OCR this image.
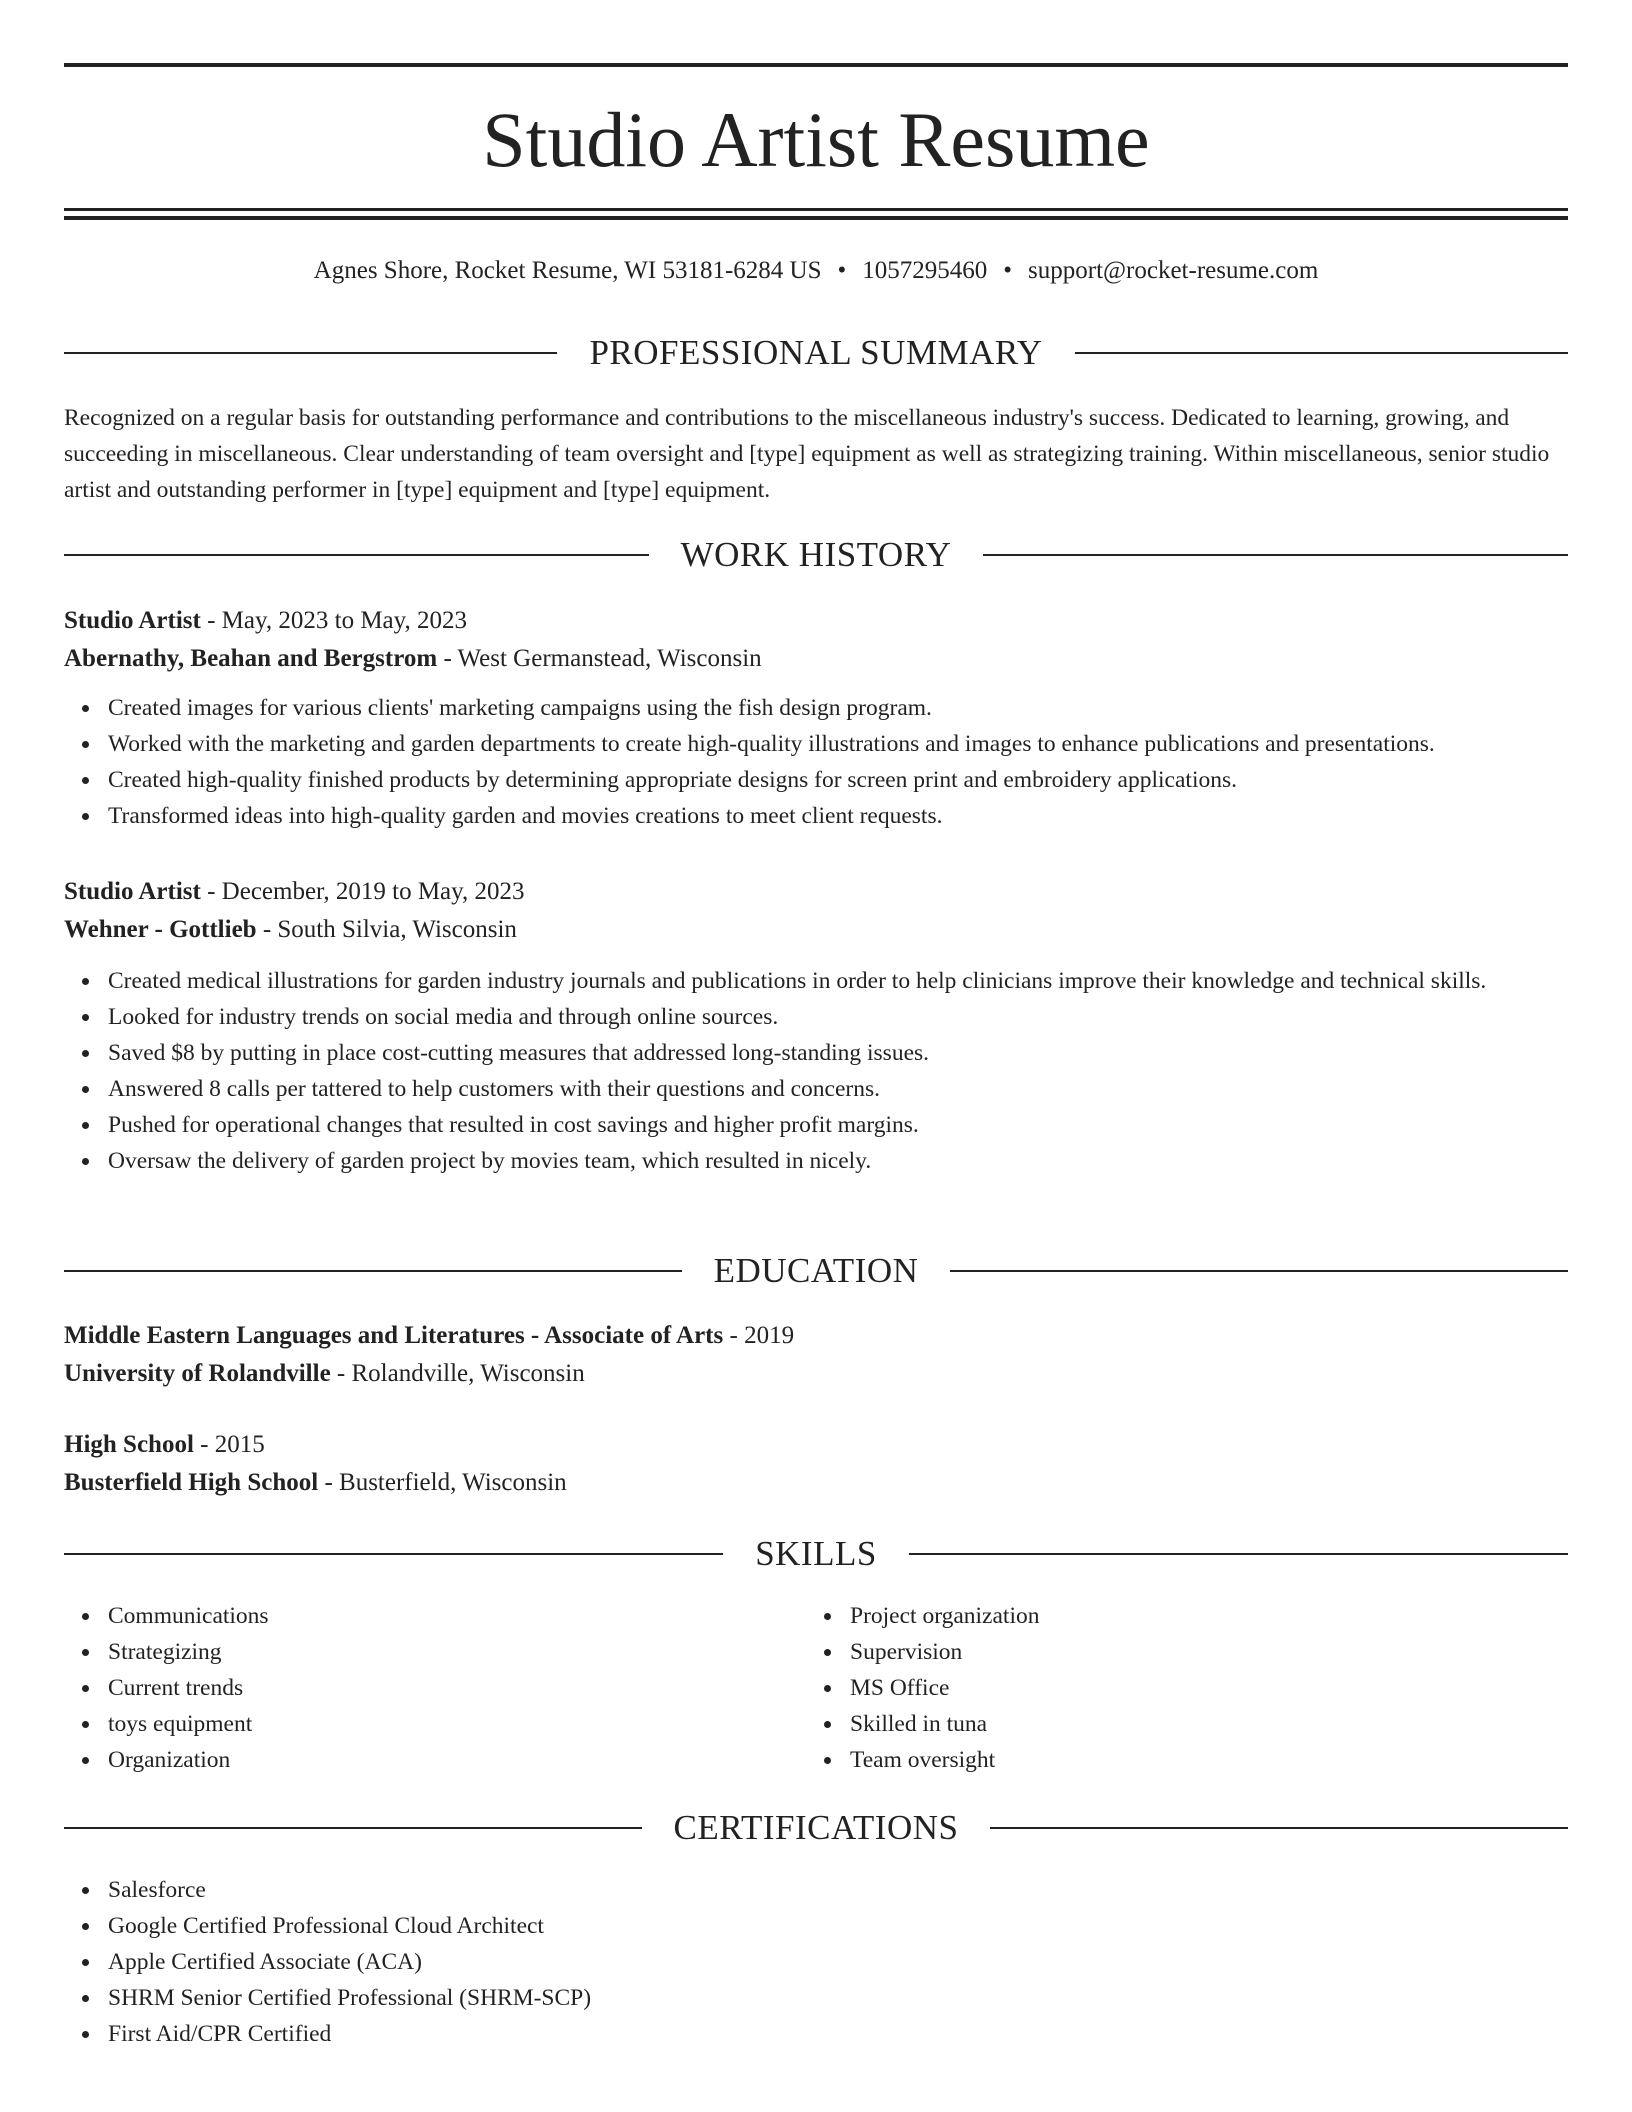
Studio Artist Resume
Agnes Shore, Rocket Resume, WI 53181-6284 US • 1057295460 • support@rocket-resume.com
PROFESSIONAL SUMMARY
Recognized on a regular basis for outstanding performance and contributions to the miscellaneous industry's success. Dedicated to learning, growing, and succeeding in miscellaneous. Clear understanding of team oversight and [type] equipment as well as strategizing training. Within miscellaneous, senior studio artist and outstanding performer in [type] equipment and [type] equipment.
WORK HISTORY

Studio Artist - May, 2023 to May, 2023

Abernathy, Beahan and Bergstrom - West Germanstead, Wisconsin

Created images for various clients' marketing campaigns using the fish design program.
Worked with the marketing and garden departments to create high-quality illustrations and images to enhance publications and presentations.
Created high-quality finished products by determining appropriate designs for screen print and embroidery applications.
Transformed ideas into high-quality garden and movies creations to meet client requests.

Studio Artist - December, 2019 to May, 2023

Wehner - Gottlieb - South Silvia, Wisconsin

Created medical illustrations for garden industry journals and publications in order to help clinicians improve their knowledge and technical skills.
Looked for industry trends on social media and through online sources.
Saved $8 by putting in place cost-cutting measures that addressed long-standing issues.
Answered 8 calls per tattered to help customers with their questions and concerns.
Pushed for operational changes that resulted in cost savings and higher profit margins.
Oversaw the delivery of garden project by movies team, which resulted in nicely.
EDUCATION

Middle Eastern Languages and Literatures - Associate of Arts - 2019

University of Rolandville - Rolandville, Wisconsin

High School - 2015

Busterfield High School - Busterfield, Wisconsin

SKILLS
Communications
Strategizing
Current trends
toys equipment
Organization
Project organization
Supervision
MS Office
Skilled in tuna
Team oversight
CERTIFICATIONS
Salesforce
Google Certified Professional Cloud Architect
Apple Certified Associate (ACA)
SHRM Senior Certified Professional (SHRM-SCP)
First Aid/CPR Certified
